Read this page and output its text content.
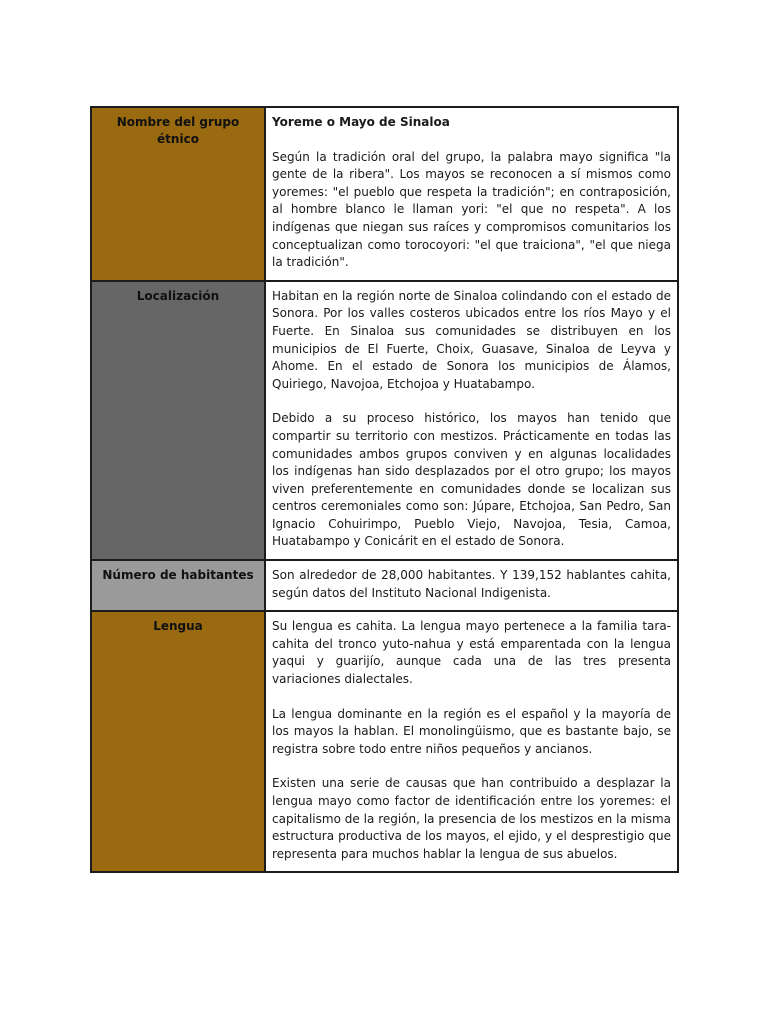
Nombre del grupo étnico	Yoreme o Mayo de Sinaloa

Según la tradición oral del grupo, la palabra mayo significa "la gente de la ribera". Los mayos se reconocen a sí mismos como yoremes: "el pueblo que respeta la tradición"; en contraposición, al hombre blanco le llaman yori: "el que no respeta". A los indígenas que niegan sus raíces y compromisos comunitarios los conceptualizan como torocoyori: "el que traiciona", "el que niega la tradición".

Localización	Habitan en la región norte de Sinaloa colindando con el estado de Sonora. Por los valles costeros ubicados entre los ríos Mayo y el Fuerte. En Sinaloa sus comunidades se distribuyen en los municipios de El Fuerte, Choix, Guasave, Sinaloa de Leyva y Ahome. En el estado de Sonora los municipios de Álamos, Quiriego, Navojoa, Etchojoa y Huatabampo.

Debido a su proceso histórico, los mayos han tenido que compartir su territorio con mestizos. Prácticamente en todas las comunidades ambos grupos conviven y en algunas localidades los indígenas han sido desplazados por el otro grupo; los mayos viven preferentemente en comunidades donde se localizan sus centros ceremoniales como son: Júpare, Etchojoa, San Pedro, San Ignacio Cohuirimpo, Pueblo Viejo, Navojoa, Tesia, Camoa, Huatabampo y Conicárit en el estado de Sonora.

Número de habitantes	Son alrededor de 28,000 habitantes. Y 139,152 hablantes cahita, según datos del Instituto Nacional Indigenista.

Lengua	Su lengua es cahita. La lengua mayo pertenece a la familia tara-cahita del tronco yuto-nahua y está emparentada con la lengua yaqui y guarijío, aunque cada una de las tres presenta variaciones dialectales.

La lengua dominante en la región es el español y la mayoría de los mayos la hablan. El monolingüismo, que es bastante bajo, se registra sobre todo entre niños pequeños y ancianos.

Existen una serie de causas que han contribuido a desplazar la lengua mayo como factor de identificación entre los yoremes: el capitalismo de la región, la presencia de los mestizos en la misma estructura productiva de los mayos, el ejido, y el desprestigio que representa para muchos hablar la lengua de sus abuelos.
